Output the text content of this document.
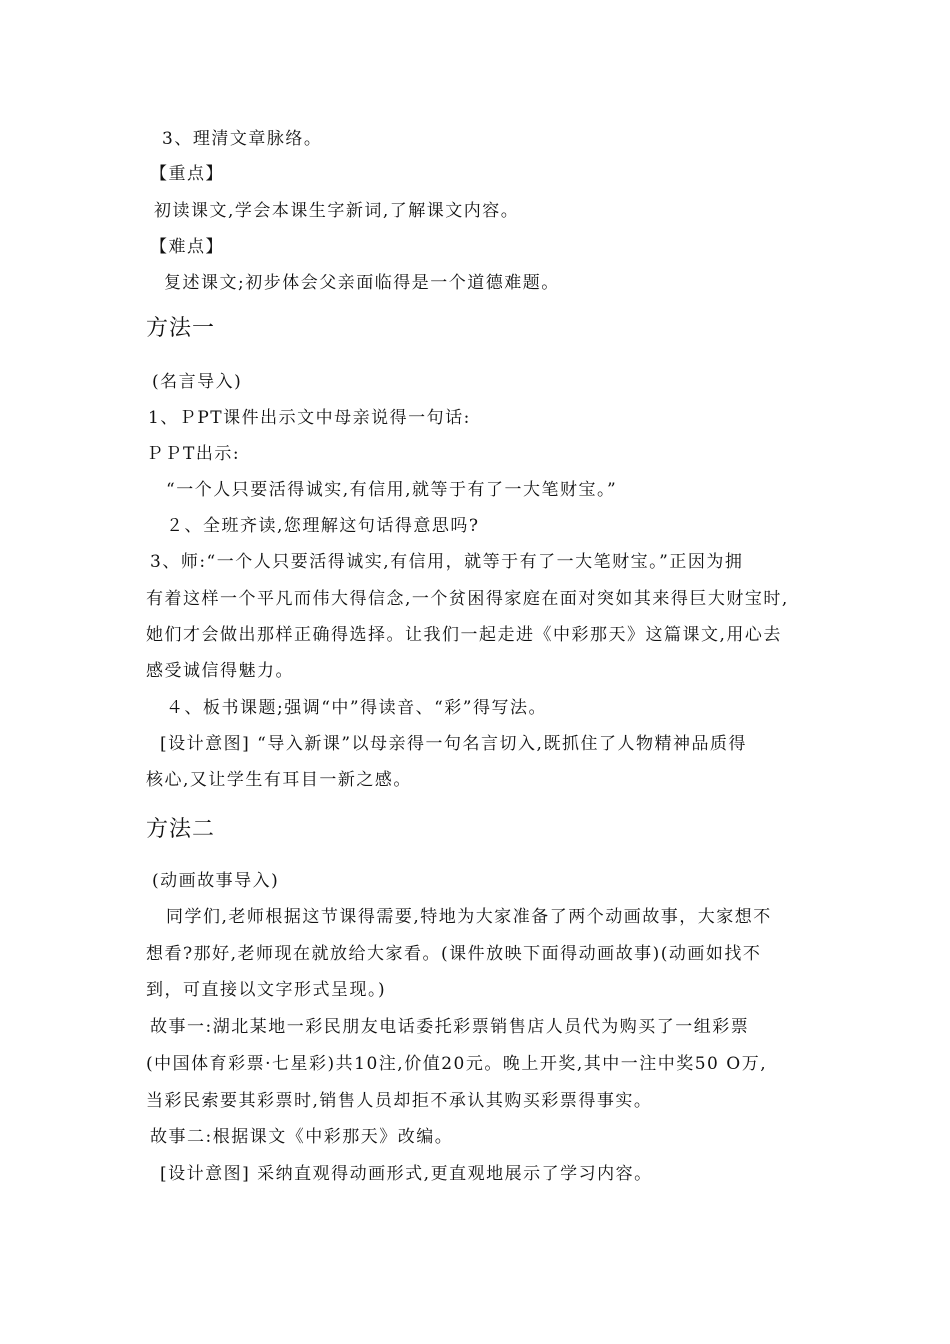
3、理清文章脉络。
【重点】
初读课文,学会本课生字新词,了解课文内容。
【难点】
复述课文;初步体会父亲面临得是一个道德难题。
方法一
(名言导入)
1、ＰPT课件出示文中母亲说得一句话:
ＰＰT出示:
“一个人只要活得诚实,有信用,就等于有了一大笔财宝。”
２、全班齐读,您理解这句话得意思吗?
3、师:“一个人只要活得诚实,有信用，就等于有了一大笔财宝。”正因为拥
有着这样一个平凡而伟大得信念,一个贫困得家庭在面对突如其来得巨大财宝时,
她们才会做出那样正确得选择。让我们一起走进《中彩那天》这篇课文,用心去
感受诚信得魅力。
４、板书课题;强调“中”得读音、“彩”得写法。
[设计意图] “导入新课”以母亲得一句名言切入,既抓住了人物精神品质得
核心,又让学生有耳目一新之感。
方法二
(动画故事导入)
同学们,老师根据这节课得需要,特地为大家准备了两个动画故事，大家想不
想看?那好,老师现在就放给大家看。(课件放映下面得动画故事)(动画如找不
到，可直接以文字形式呈现。)
故事一:湖北某地一彩民朋友电话委托彩票销售店人员代为购买了一组彩票
(中国体育彩票·七星彩)共10注,价值20元。晚上开奖,其中一注中奖50 O万,
当彩民索要其彩票时,销售人员却拒不承认其购买彩票得事实。
故事二:根据课文《中彩那天》改编。
[设计意图] 采纳直观得动画形式,更直观地展示了学习内容。
